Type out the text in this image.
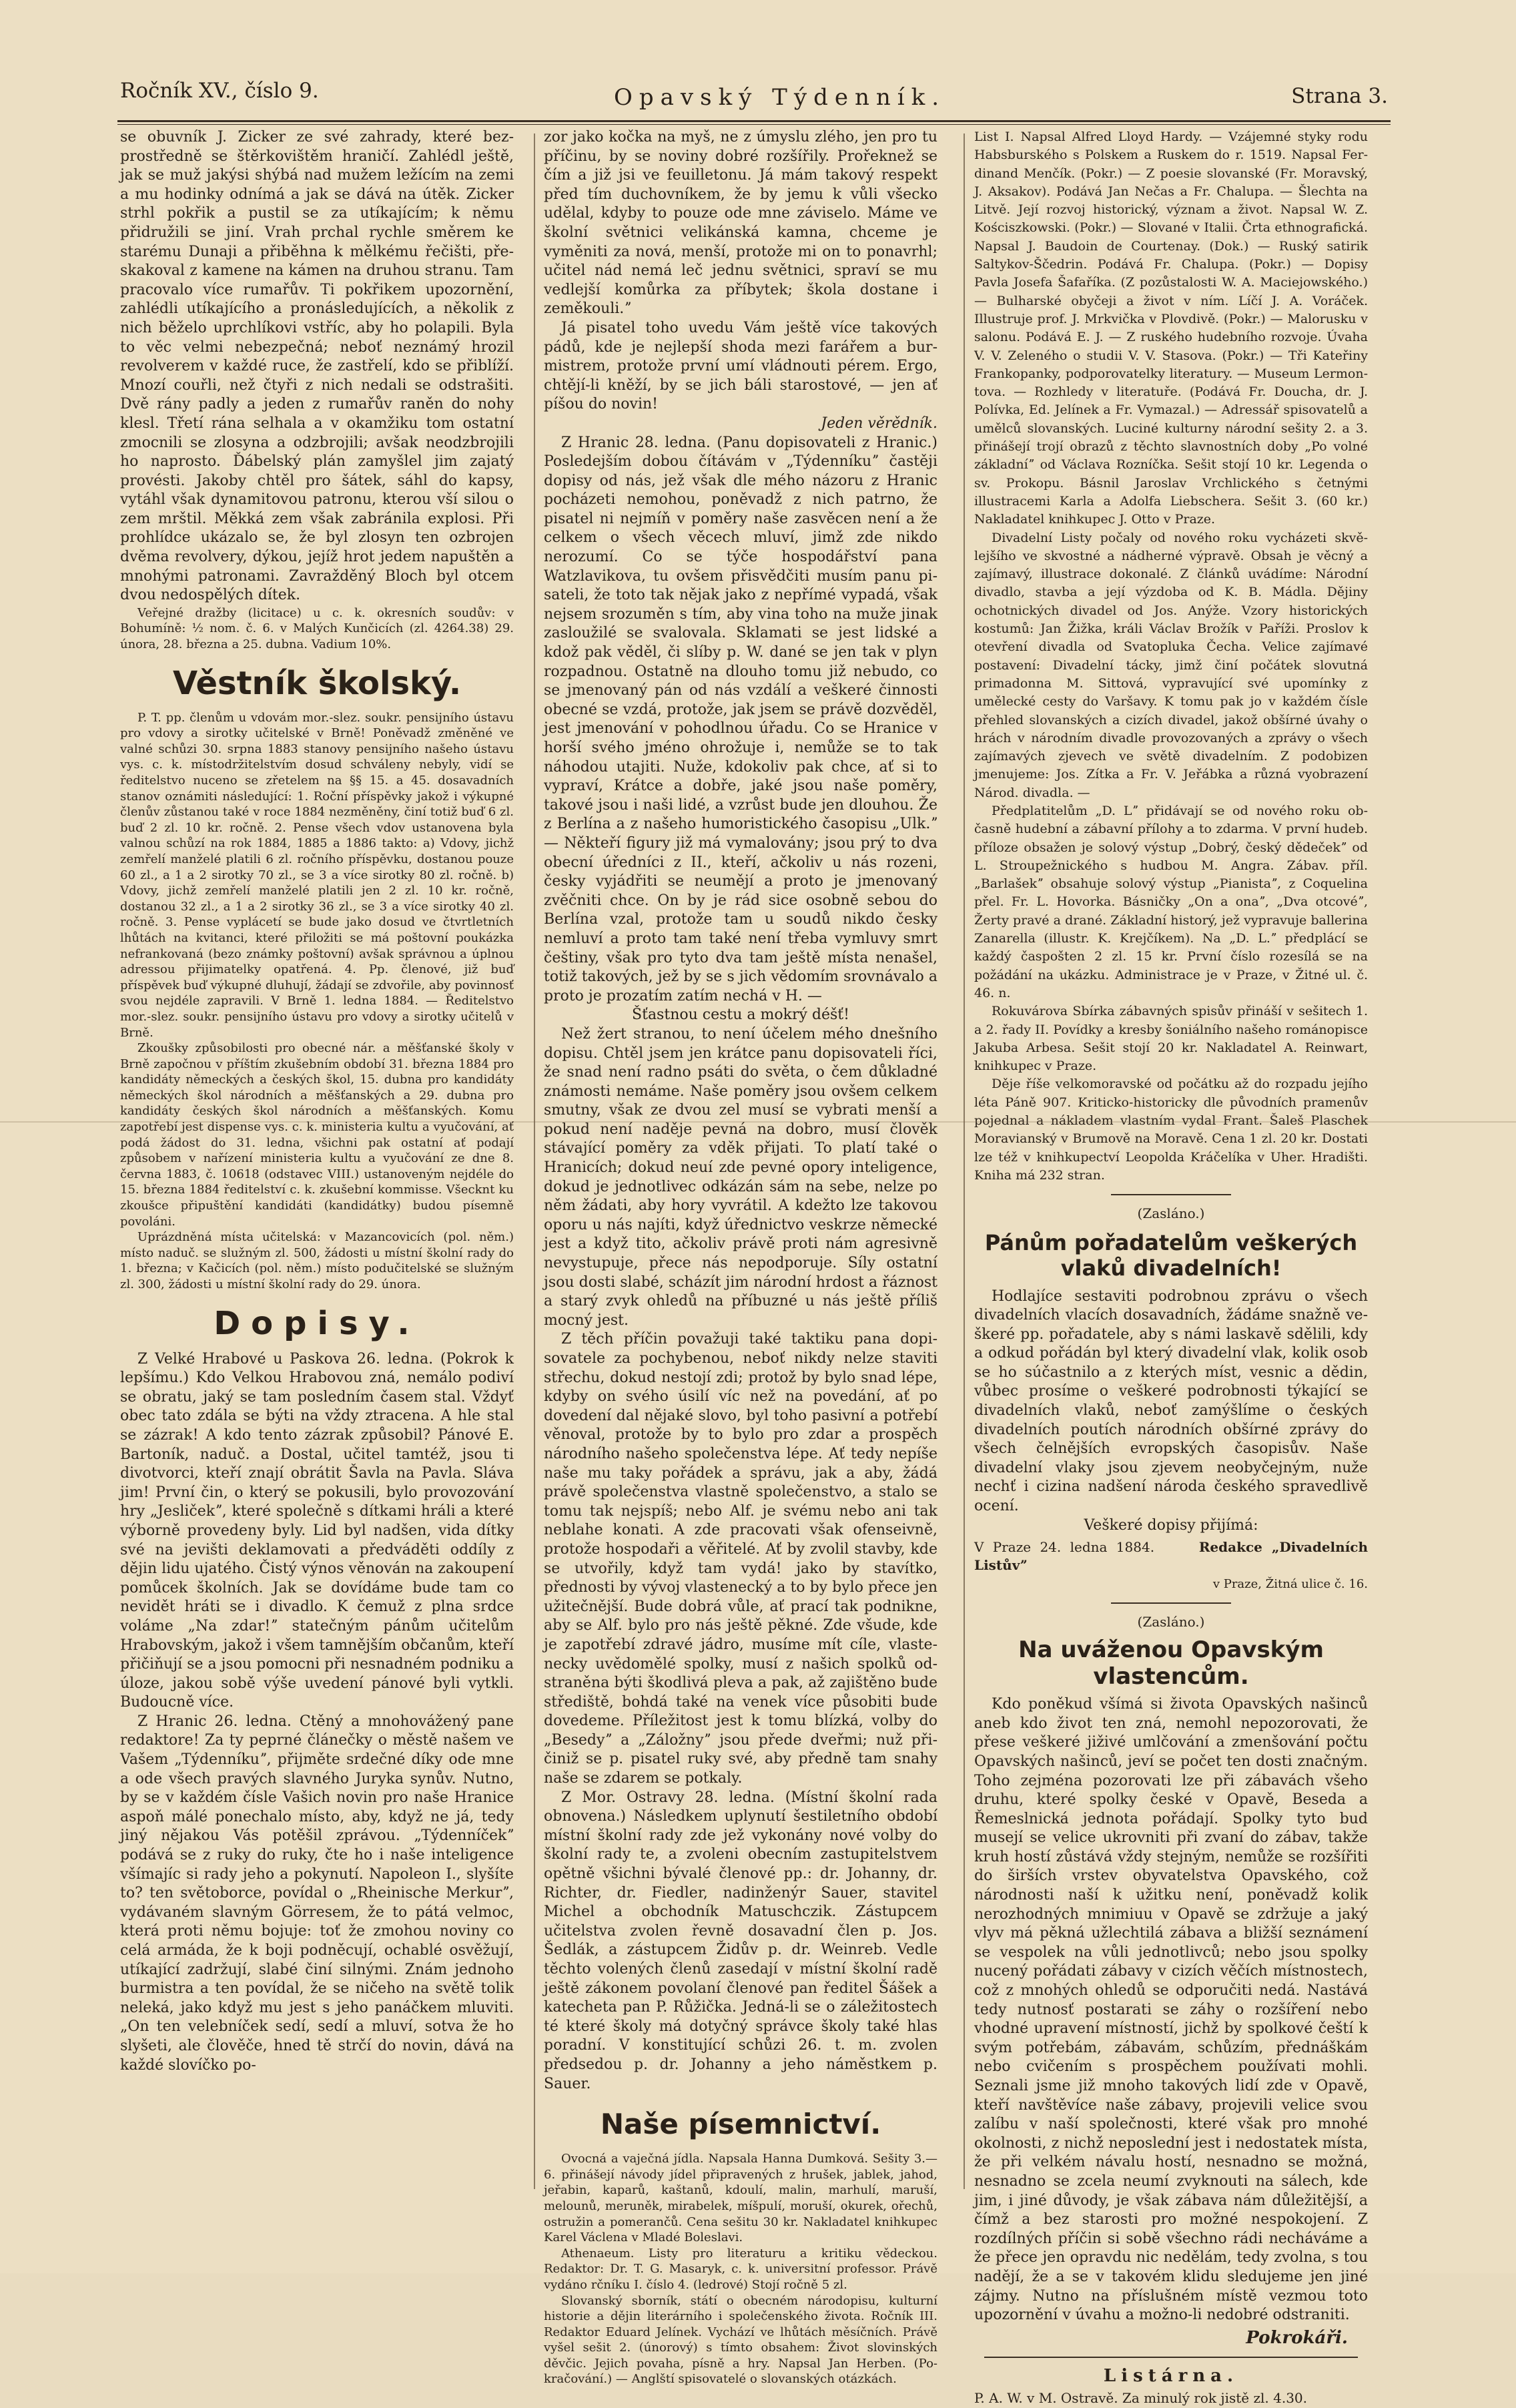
Ročník XV., číslo 9.	Opavský Týdenník.	Strana 3.

se obuvník J. Zicker ze své zahrady, které bezprostředně se štěrkovištěm hraničí. Zahlédl ještě, jak se muž jakýsi shýbá nad mužem ležícím na zemi a mu hodinky odnímá a jak se dává na útěk. Zicker strhl pokřik a pustil se za utíkajícím; k němu přidružili se jiní. Vrah prchal rychle směrem ke starému Dunaji a přiběhna k mělkému řečišti, přeskakoval z kamene na kámen na druhou stranu. Tam pracovalo více rumařův. Ti pokřikem upozornění, zahlédli utíkajícího a pronásledujících, a několik z nich běželo uprchlíkovi vstříc, aby ho polapili. Byla to věc velmi nebezpečná; neboť neznámý hrozil revolverem v každé ruce, že zastřelí, kdo se přiblíží. Mnozí couřli, než čtyři z nich nedali se odstrašiti. Dvě rány padly a jeden z rumařův raněn do nohy klesl. Třetí rána selhala a v okamžiku tom ostatní zmocnili se zlosyna a odzbrojili; avšak neodzbrojili ho naprosto. Ďábelský plán zamyšlel jim zajatý provésti. Jakoby chtěl pro šátek, sáhl do kapsy, vytáhl však dynamitovou patronu, kterou vší silou o zem mrštil. Měkká zem však zabránila explosi. Při prohlídce ukázalo se, že byl zlosyn ten ozbrojen dvěma revolvery, dýkou, jejíž hrot jedem napuštěn a mnohými patronami. Zavražděný Bloch byl otcem dvou nedospělých dítek.

Veřejné dražby (licitace) u c. k. okresních soudův: v Bohumíně: ¹⁄₂ nom. č. 6. v Malých Kunčicích (zl. 4264.38) 29. února, 28. března a 25. dubna. Vadium 10%.

Věstník školský.

P. T. pp. členům u vdovám mor.-slez. soukr. pensijního ústavu pro vdovy a sirotky učitelské v Brně! Poněvadž změněné ve valné schůzi 30. srpna 1883 stanovy pensijního našeho ústavu vys. c. k. místodržitelstvím dosud schváleny nebyly, vidí se ředitelstvo nuceno se zřetelem na §§ 15. a 45. dosavadních stanov oznámiti následující: 1. Roční příspěvky jakož i výkupné členův zůstanou také v roce 1884 nezměněny, činí totiž buď 6 zl. buď 2 zl. 10 kr. ročně. 2. Pense všech vdov ustanovena byla valnou schůzí na rok 1884, 1885 a 1886 takto: a) Vdovy, jichž zemřelí manželé platili 6 zl. ročního příspěvku, dostanou pouze 60 zl., a 1 a 2 sirotky 70 zl., se 3 a více sirotky 80 zl. ročně. b) Vdovy, jichž zemřelí manželé platili jen 2 zl. 10 kr. ročně, dostanou 32 zl., a 1 a 2 sirotky 36 zl., se 3 a více sirotky 40 zl. ročně. 3. Pense vyplácetí se bude jako dosud ve čtvrtletních lhůtách na kvitanci, které přiložiti se má poštovní poukázka nefrankovaná (bezo známky poštovní) avšak správnou a úplnou adressou přijimatelky opatřená. 4. Pp. členové, již buď příspěvek buď výkupné dluhují, žádají se zdvořile, aby povinnosť svou nejdéle zapravili. V Brně 1. ledna 1884. — Ředitelstvo mor.-slez. soukr. pensijního ústavu pro vdovy a sirotky učitelů v Brně.

Zkoušky způsobilosti pro obecné nár. a měšťanské školy v Brně započnou v příštím zkušebním období 31. března 1884 pro kandidáty německých a českých škol, 15. dubna pro kandidáty německých škol národních a měšťanských a 29. dubna pro kandidáty českých škol národních a měšťanských. Komu zapotřebí jest dispense vys. c. k. ministeria kultu a vyučování, ať podá žádost do 31. ledna, všichni pak ostatní ať podají způsobem v nařízení ministeria kultu a vyučování ze dne 8. června 1883, č. 10618 (odstavec VIII.) ustanoveným nejdéle do 15. března 1884 ředitelství c. k. zkušební kommisse. Všecknt ku zkoušce připuštění kandidáti (kandidátky) budou písemně povoláni.

Uprázdněná místa učitelská: v Mazancovicích (pol. něm.) místo naduč. se služným zl. 500, žádosti u místní školní rady do 1. března; v Kačicích (pol. něm.) místo podučitelské se služným zl. 300, žádosti u místní školní rady do 29. února.

Dopisy.

Z Velké Hrabové u Paskova 26. ledna. (Pokrok k lepšímu.) Kdo Velkou Hrabovou zná, nemálo podiví se obratu, jaký se tam posledním časem stal. Vždyť obec tato zdála se býti na vždy ztracena. A hle stal se zázrak! A kdo tento zázrak způsobil? Pánové E. Bartoník, naduč. a Dostal, učitel tamtéž, jsou ti divotvorci, kteří znají obrátit Šavla na Pavla. Sláva jim! První čin, o který se pokusili, bylo provozování hry „Jesličekˮ, které společně s dítkami hráli a které výborně provedeny byly. Lid byl nadšen, vida dítky své na jevišti deklamovati a předváděti oddíly z dějin lidu ujatého. Čistý výnos věnován na zakoupení pomůcek školních. Jak se dovídáme bude tam co nevidět hráti se i divadlo. K čemuž z plna srdce voláme „Na zdar!ˮ statečným pánům učitelům Hrabovským, jakož i všem tamnějším občanům, kteří přičiňují se a jsou pomocni při nesnadném podniku a úloze, jakou sobě výše uvedení pánové byli vytkli. Budoucně více.

Z Hranic 26. ledna. Ctěný a mnohovážený pane redaktore! Za ty peprné článečky o městě našem ve Vašem „Týdenníkuˮ, přijměte srdečné díky ode mne a ode všech pravých slavného Juryka synův. Nutno, by se v každém čísle Vašich novin pro naše Hranice aspoň málé ponechalo místo, aby, když ne já, tedy jiný nějakou Vás potěšil zprávou. „Týdenníčekˮ podává se z ruky do ruky, čte ho i naše inteligence všímajíc si rady jeho a pokynutí. Napoleon I., slyšíte to? ten světoborce, povídal o „Rheinische Merkurˮ, vydávaném slavným Görresem, že to pátá velmoc, která proti němu bojuje: toť že zmohou noviny co celá armáda, že k boji podněcují, ochablé osvěžují, utíkající zadržují, slabé činí silnými. Znám jednoho burmistra a ten povídal, že se ničeho na světě tolik neleká, jako když mu jest s jeho panáčkem mluviti. „On ten velebníček sedí, sedí a mluví, sotva že ho slyšeti, ale člověče, hned tě strčí do novin, dává na každé slovíčko po-

zor jako kočka na myš, ne z úmyslu zlého, jen pro tu příčinu, by se noviny dobré rozšířily. Prořeknež se čím a již jsi ve feuilletonu. Já mám takový respekt před tím duchovníkem, že by jemu k vůli všecko udělal, kdyby to pouze ode mne záviselo. Máme ve školní světnici velikánská kamna, chceme je vyměniti za nová, menší, protože mi on to ponavrhl; učitel nád nemá leč jednu světnici, spraví se mu vedlejší komůrka za příbytek; škola dostane i zeměkouli.ˮ

Já pisatel toho uvedu Vám ještě více takových pádů, kde je nejlepší shoda mezi farářem a burmistrem, protože první umí vládnouti pérem. Ergo, chtějí-li kněží, by se jich báli starostové, — jen ať píšou do novin!

Jeden věrědník.

Z Hranic 28. ledna. (Panu dopisovateli z Hranic.) Posledejším dobou čítávám v „Týdenníkuˮ častěji dopisy od nás, jež však dle mého názoru z Hranic pocházeti nemohou, poněvadž z nich patrno, že pisatel ni nejmíň v poměry naše zasvěcen není a že celkem o všech věcech mluví, jimž zde nikdo nerozumí. Co se týče hospodářství pana Watzlavikova, tu ovšem přisvědčiti musím panu pisateli, že toto tak nějak jako z nepřímé vypadá, však nejsem srozuměn s tím, aby vina toho na muže jinak zasloužilé se svalovala. Sklamati se jest lidské a kdož pak věděl, či slíby p. W. dané se jen tak v plyn rozpadnou. Ostatně na dlouho tomu již nebudo, co se jmenovaný pán od nás vzdálí a veškeré činnosti obecné se vzdá, protože, jak jsem se právě dozvěděl, jest jmenování v pohodlnou úřadu. Co se Hranice v horší svého jméno ohrožuje i, nemůže se to tak náhodou utajiti. Nuže, kdokoliv pak chce, ať si to vypraví, Krátce a dobře, jaké jsou naše poměry, takové jsou i naši lidé, a vzrůst bude jen dlouhou. Že z Berlína a z našeho humoristického časopisu „Ulk.ˮ — Někteří figury již má vymalovány; jsou prý to dva obecní úředníci z II., kteří, ačkoliv u nás rozeni, česky vyjádřiti se neumějí a proto je jmenovaný zvěčniti chce. On by je rád sice osobně sebou do Berlína vzal, protože tam u soudů nikdo česky nemluví a proto tam také není třeba vymluvy smrt češtiny, však pro tyto dva tam ještě místa nenašel, totiž takových, jež by se s jich vědomím srovnávalo a proto je prozatím zatím nechá v H. —

Šťastnou cestu a mokrý déšť!

Než žert stranou, to není účelem mého dnešního dopisu. Chtěl jsem jen krátce panu dopisovateli říci, že snad není radno psáti do světa, o čem důkladné známosti nemáme. Naše poměry jsou ovšem celkem smutny, však ze dvou zel musí se vybrati menší a pokud není naděje pevná na dobro, musí člověk stávající poměry za vděk přijati. To platí také o Hranicích; dokud neuí zde pevné opory inteligence, dokud je jednotlivec odkázán sám na sebe, nelze po něm žádati, aby hory vyvrátil. A kdežto lze takovou oporu u nás najíti, když úřednictvo veskrze německé jest a když tito, ačkoliv právě proti nám agresivně nevystupuje, přece nás nepodporuje. Síly ostatní jsou dosti slabé, scházít jim národní hrdost a řáznost a starý zvyk ohledů na příbuzné u nás ještě příliš mocný jest.

Z těch příčin považuji také taktiku pana dopisovatele za pochybenou, neboť nikdy nelze staviti střechu, dokud nestojí zdi; protož by bylo snad lépe, kdyby on svého úsilí víc než na povedání, ať po dovedení dal nějaké slovo, byl toho pasivní a potřebí věnoval, protože by to bylo pro zdar a prospěch národního našeho společenstva lépe. Ať tedy nepíše naše mu taky pořádek a správu, jak a aby, žádá právě společenstva vlastně společenstvo, a stalo se tomu tak nejspíš; nebo Alf. je svému nebo ani tak neblahe konati. A zde pracovati však ofenseivně, protože hospodaři a věřitelé. Ať by zvolil stavby, kde se utvořily, když tam vydá! jako by stavítko, přednosti by vývoj vlastenecký a to by bylo přece jen užitečnější. Bude dobrá vůle, ať prací tak podnikne, aby se Alf. bylo pro nás ještě pěkné. Zde všude, kde je zapotřebí zdravé jádro, musíme mít cíle, vlastenecky uvědomělé spolky, musí z našich spolků odstraněna býti škodlivá pleva a pak, až zajištěno bude střediště, bohdá také na venek více působiti bude dovedeme. Příležitost jest k tomu blízká, volby do „Besedyˮ a „Záložnyˮ jsou přede dveřmi; nuž přičiniž se p. pisatel ruky své, aby předně tam snahy naše se zdarem se potkaly.

Z Mor. Ostravy 28. ledna. (Místní školní rada obnovena.) Následkem uplynutí šestiletního období místní školní rady zde jež vykonány nové volby do školní rady te, a zvoleni obecním zastupitelstvem opětně všichni bývalé členové pp.: dr. Johanny, dr. Richter, dr. Fiedler, nadinženýr Sauer, stavitel Michel a obchodník Matuschczik. Zástupcem učitelstva zvolen řevně dosavadní člen p. Jos. Šedlák, a zástupcem Židův p. dr. Weinreb. Vedle těchto volených členů zasedají v místní školní radě ještě zákonem povolaní členové pan ředitel Šášek a katecheta pan P. Růžička. Jedná-li se o záležitostech té které školy má dotyčný správce školy také hlas poradní. V konstitující schůzi 26. t. m. zvolen předsedou p. dr. Johanny a jeho náměstkem p. Sauer.

Naše písemnictví.

Ovocná a vaječná jídla. Napsala Hanna Dumková. Sešity 3.—6. přinášejí návody jídel připravených z hrušek, jablek, jahod, jeřabin, kaparů, kaštanů, kdoulí, malin, marhulí, maruší, melounů, meruněk, mirabelek, míšpulí, moruší, okurek, ořechů, ostružin a pomerančů. Cena sešitu 30 kr. Nakladatel knihkupec Karel Václena v Mladé Boleslavi.

Athenaeum. Listy pro literaturu a kritiku vědeckou. Redaktor: Dr. T. G. Masaryk, c. k. universitní professor. Právě vydáno rčníku I. číslo 4. (ledrové) Stojí ročně 5 zl.

Slovanský sborník, státí o obecném národopisu, kulturní historie a dějin literárního i společenského života. Ročník III. Redaktor Eduard Jelínek. Vychází ve lhůtách měsíčních. Právě vyšel sešit 2. (únorový) s tímto obsahem: Život slovinských děvčic. Jejich povaha, písně a hry. Napsal Jan Herben. (Pokračování.) — Anglští spisovatelé o slovanských otázkách.

List I. Napsal Alfred Lloyd Hardy. — Vzájemné styky rodu Habsburského s Polskem a Ruskem do r. 1519. Napsal Ferdinand Menčík. (Pokr.) — Z poesie slovanské (Fr. Moravský, J. Aksakov). Podává Jan Nečas a Fr. Chalupa. — Šlechta na Litvě. Její rozvoj historický, význam a život. Napsal W. Z. Kościszkowski. (Pokr.) — Slované v Italii. Črta ethnografická. Napsal J. Baudoin de Courtenay. (Dok.) — Ruský satirik Saltykov-Ščedrin. Podává Fr. Chalupa. (Pokr.) — Dopisy Pavla Josefa Šafaříka. (Z pozůstalosti W. A. Maciejowského.) — Bulharské obyčeji a život v ním. Líčí J. A. Voráček. Illustruje prof. J. Mrkvička v Plovdivě. (Pokr.) — Malorusku v salonu. Podává E. J. — Z ruského hudebního rozvoje. Úvaha V. V. Zeleného o studii V. V. Stasova. (Pokr.) — Tři Kateřiny Frankopanky, podporovatelky literatury. — Museum Lermontova. — Rozhledy v literatuře. (Podává Fr. Doucha, dr. J. Polívka, Ed. Jelínek a Fr. Vymazal.) — Adressář spisovatelů a umělců slovanských. Luciné kulturny národní sešity 2. a 3. přinášejí trojí obrazů z těchto slavnostních doby „Po volné základníˮ od Václava Rozníčka. Sešit stojí 10 kr. Legenda o sv. Prokopu. Básnil Jaroslav Vrchlického s četnými illustracemi Karla a Adolfa Liebschera. Sešit 3. (60 kr.) Nakladatel knihkupec J. Otto v Praze.

Divadelní Listy počaly od nového roku vycházeti skvělejšího ve skvostné a nádherné výpravě. Obsah je věcný a zajímavý, illustrace dokonalé. Z článků uvádíme: Národní divadlo, stavba a její výzdoba od K. B. Mádla. Dějiny ochotnických divadel od Jos. Anýže. Vzory historických kostumů: Jan Žižka, králi Václav Brožík v Paříži. Proslov k otevření divadla od Svatopluka Čecha. Velice zajímavé postavení: Divadelní tácky, jimž činí počátek slovutná primadonna M. Sittová, vypravující své upomínky z umělecké cesty do Varšavy. K tomu pak jo v každém čísle přehled slovanských a cizích divadel, jakož obšírné úvahy o hrách v národním divadle provozovaných a zprávy o všech zajímavých zjevech ve světě divadelním. Z podobizen jmenujeme: Jos. Zítka a Fr. V. Jeřábka a různá vyobrazení Národ. divadla. —

Předplatitelům „D. Lˮ přidávají se od nového roku občasně hudební a zábavní přílohy a to zdarma. V první hudeb. příloze obsažen je solový výstup „Dobrý, český dědečekˮ od L. Stroupežnického s hudbou M. Angra. Zábav. příl. „Barlašekˮ obsahuje solový výstup „Pianistaˮ, z Coquelina přel. Fr. L. Hovorka. Básničky „On a onaˮ, „Dva otcovéˮ, Žerty pravé a drané. Základní historý, jež vypravuje ballerina Zanarella (illustr. K. Krejčíkem). Na „D. L.ˮ předplácí se každý časpošten 2 zl. 15 kr. První číslo rozesílá se na požádání na ukázku. Administrace je v Praze, v Žitné ul. č. 46. n.

Rokuvárova Sbírka zábavných spisův přináší v sešitech 1. a 2. řady II. Povídky a kresby šoniálního našeho románopisce Jakuba Arbesa. Sešit stojí 20 kr. Nakladatel A. Reinwart, knihkupec v Praze.

Děje říše velkomoravské od počátku až do rozpadu jejího léta Páně 907. Kriticko-historicky dle původních pramenův pojednal a nákladem vlastním vydal Frant. Šaleš Plaschek Moravianský v Brumově na Moravě. Cena 1 zl. 20 kr. Dostati lze též v knihkupectví Leopolda Kráčelíka v Uher. Hradišti. Kniha má 232 stran.

(Zasláno.)

Pánům pořadatelům veškerých vlaků divadelních!

Hodlajíce sestaviti podrobnou zprávu o všech divadelních vlacích dosavadních, žádáme snažně veškeré pp. pořadatele, aby s námi laskavě sdělili, kdy a odkud pořádán byl který divadelní vlak, kolik osob se ho súčastnilo a z kterých míst, vesnic a dědin, vůbec prosíme o veškeré podrobnosti týkající se divadelních vlaků, neboť zamýšlíme o českých divadelních poutích národních obšírné zprávy do všech čelnějších evropských časopisův. Naše divadelní vlaky jsou zjevem neobyčejným, nuže nechť i cizina nadšení národa českého spravedlivě ocení.

Veškeré dopisy přijímá:

V Praze 24. ledna 1884.	Redakce „Divadelních Listůvˮ

v Praze, Žitná ulice č. 16.

(Zasláno.)

Na uváženou Opavským vlastencům.

Kdo poněkud všímá si života Opavských našinců aneb kdo život ten zná, nemohl nepozorovati, že přese veškeré jiživé umlčování a zmenšování počtu Opavských našinců, jeví se počet ten dosti značným. Toho zejména pozorovati lze při zábavách všeho druhu, které spolky české v Opavě, Beseda a Řemeslnická jednota pořádají. Spolky tyto bud musejí se velice ukrovniti při zvaní do zábav, takže kruh hostí zůstává vždy stejným, nemůže se rozšířiti do širších vrstev obyvatelstva Opavského, což národnosti naší k užitku není, poněvadž kolik nerozhodných mnimiuu v Opavě se zdržuje a jaký vlyv má pěkná užlechtilá zábava a bližší seznámení se vespolek na vůli jednotlivců; nebo jsou spolky nucený pořádati zábavy v cizích věčích místnostech, což z mnohých ohledů se odporučiti nedá. Nastává tedy nutnosť postarati se záhy o rozšíření nebo vhodné upravení místností, jichž by spolkové čeští k svým potřebám, zábavám, schůzím, přednáškám nebo cvičením s prospěchem používati mohli. Seznali jsme již mnoho takových lidí zde v Opavě, kteří navštěvíce naše zábavy, projevili velice svou zalíbu v naší společnosti, které však pro mnohé okolnosti, z nichž neposlední jest i nedostatek místa, že při velkém návalu hostí, nesnadno se možná, nesnadno se zcela neumí zvyknouti na sálech, kde jim, i jiné důvody, je však zábava nám důležitější, a čímž a bez starosti pro možné nespokojení. Z rozdílných příčin si sobě všechno rádi necháváme a že přece jen opravdu nic nedělám, tedy zvolna, s tou nadějí, že a se v takovém klidu sledujeme jen jiné zájmy. Nutno na příslušném místě vezmou toto upozornění v úvahu a možno-li nedobré odstraniti.

Pokrokáři.
Listárna.

P. A. W. v M. Ostravě. Za minulý rok jistě zl. 4.30.
